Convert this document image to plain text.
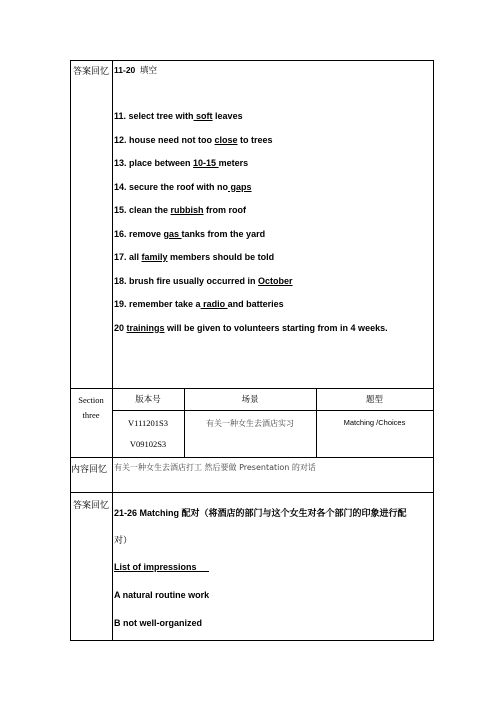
答案回忆 11-20 填空
11. select tree with soft leaves
12. house need not too close to trees
13. place between 10-15 meters
14. secure the roof with no gaps
15. clean the rubbish from roof
16. remove gas tanks from the yard
17. all family members should be told
18. brush fire usually occurred in October
19. remember take a radio and batteries
20 trainings will be given to volunteers starting from in 4 weeks.
Section
three
版本号	场景	题型
V111201S3
V09102S3
有关一种女生去酒店实习	Matching /Choices
内容回忆 有关一种女生去酒店打工 然后要做 Presentation 的对话
答案回忆
21-26 Matching 配对（将酒店的部门与这个女生对各个部门的印象进行配
对）
List of impressions
A natural routine work
B not well-organized
